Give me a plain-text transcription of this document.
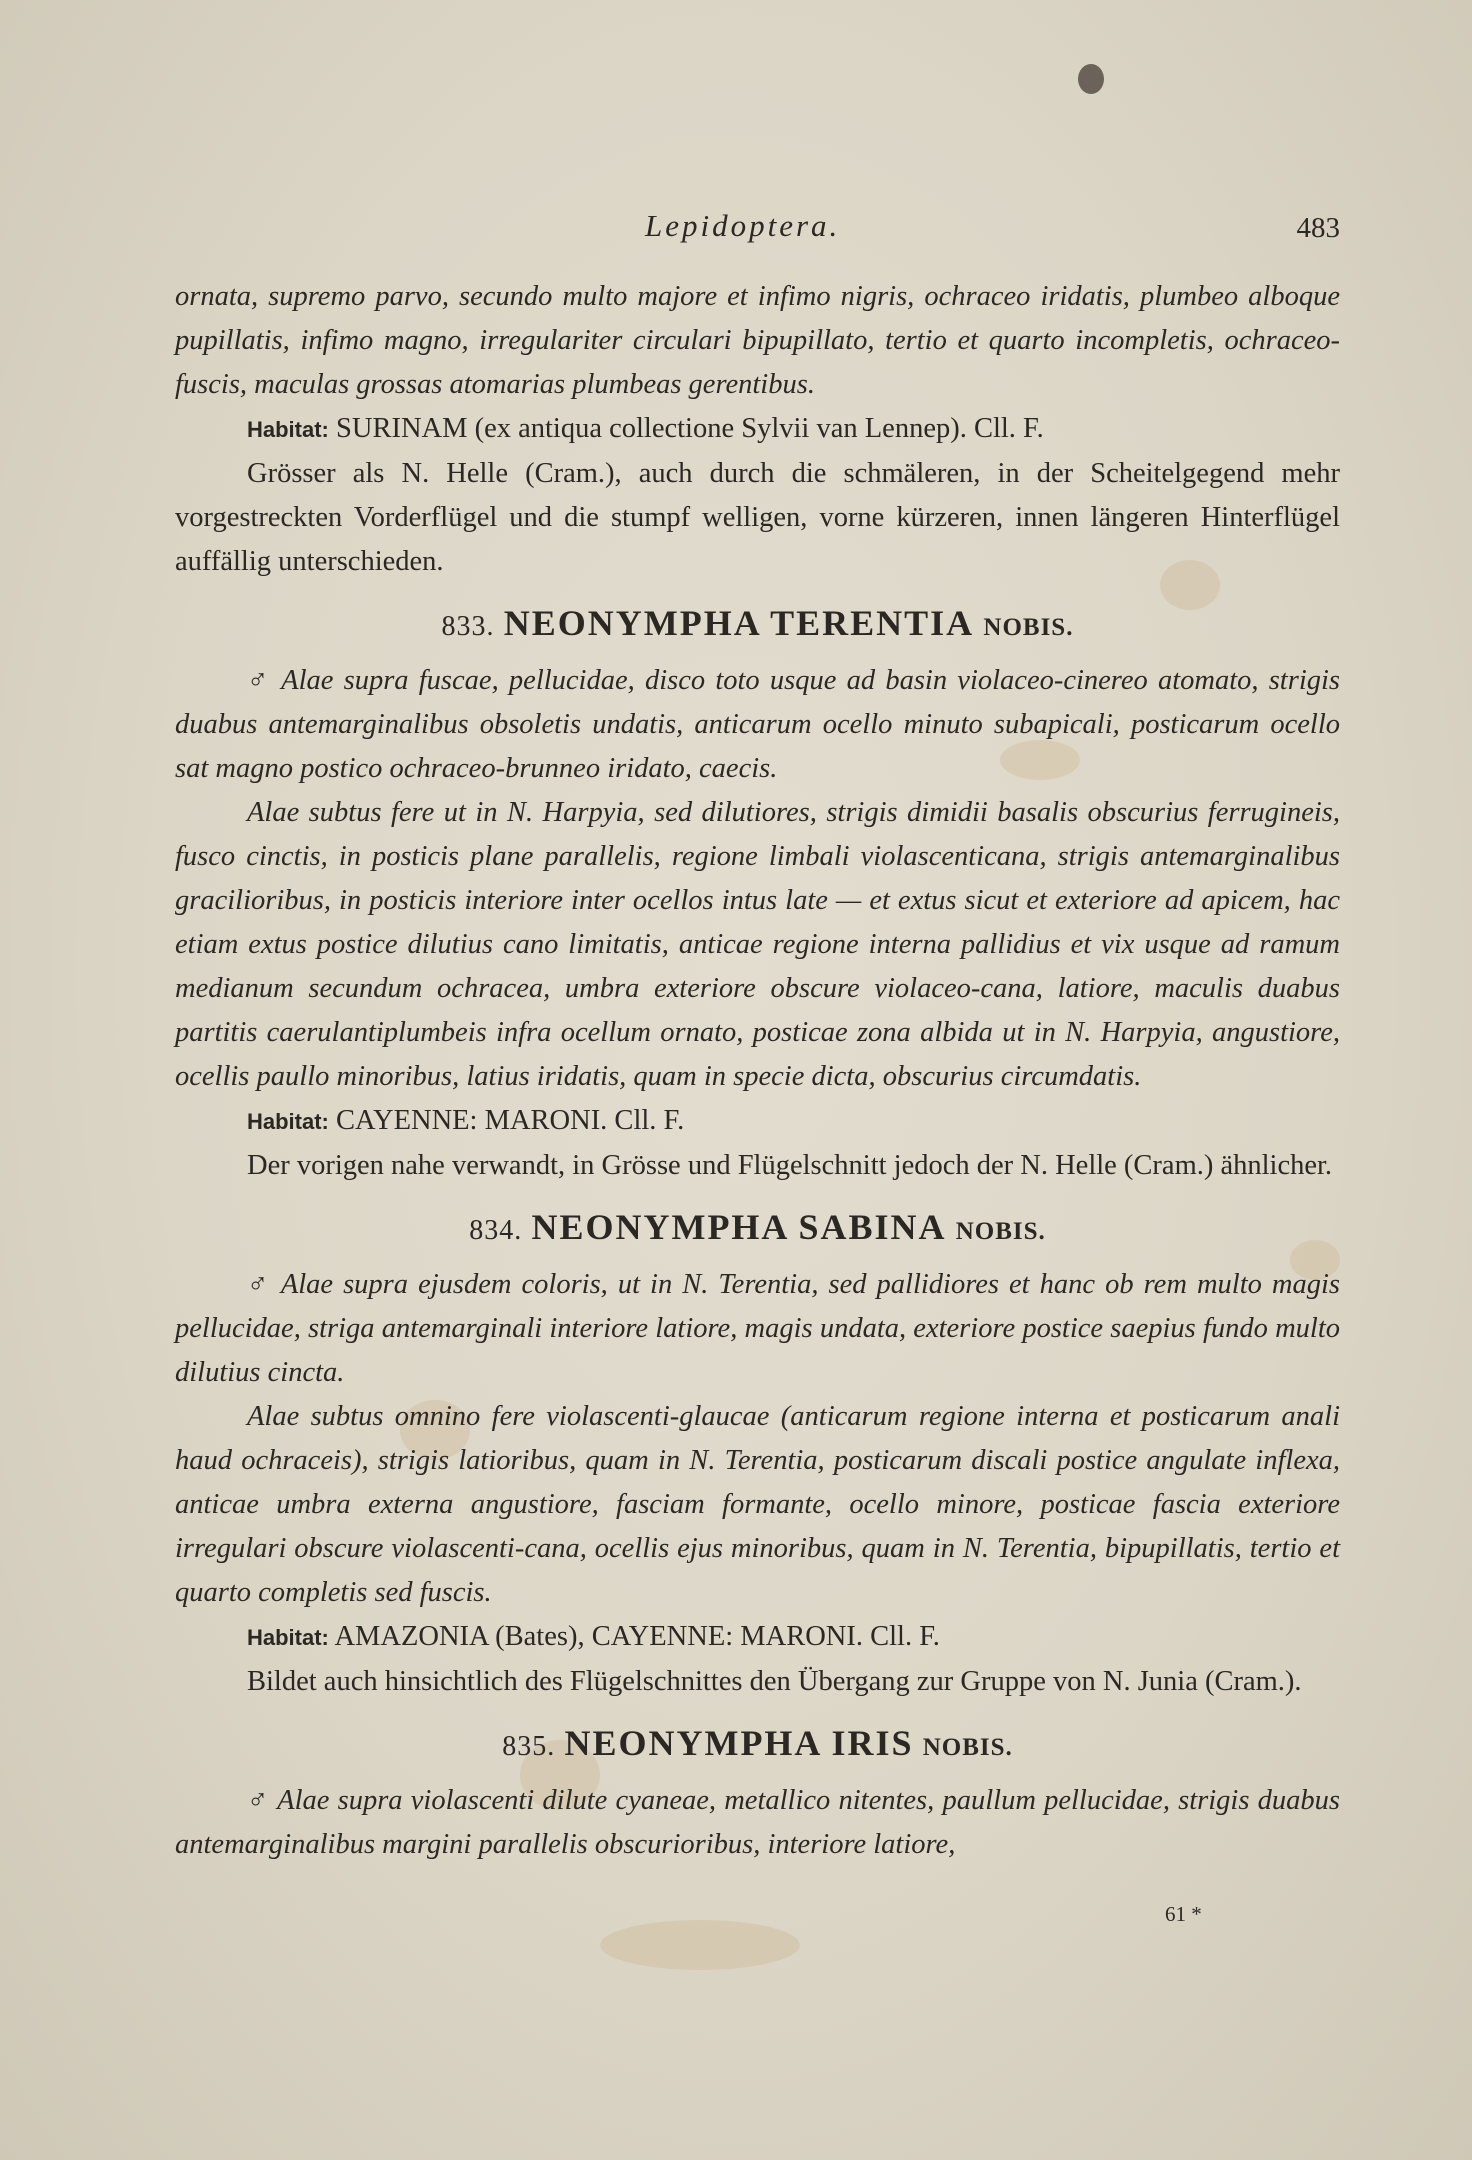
Lepidoptera.	483

ornata, supremo parvo, secundo multo majore et infimo nigris, ochraceo iridatis, plumbeo alboque pupillatis, infimo magno, irregulariter circulari bipupillato, tertio et quarto incompletis, ochraceo-fuscis, maculas grossas atomarias plumbeas gerentibus.

Habitat: SURINAM (ex antiqua collectione Sylvii van Lennep). Cll. F.

Grösser als N. Helle (Cram.), auch durch die schmäleren, in der Scheitelgegend mehr vorgestreckten Vorderflügel und die stumpf welligen, vorne kürzeren, innen längeren Hinterflügel auffällig unterschieden.

833. NEONYMPHA TERENTIA NOBIS.

♂ Alae supra fuscae, pellucidae, disco toto usque ad basin violaceo-cinereo atomato, strigis duabus antemarginalibus obsoletis undatis, anticarum ocello minuto subapicali, posticarum ocello sat magno postico ochraceo-brunneo iridato, caecis.

Alae subtus fere ut in N. Harpyia, sed dilutiores, strigis dimidii basalis obscurius ferrugineis, fusco cinctis, in posticis plane parallelis, regione limbali violascenticana, strigis antemarginalibus gracilioribus, in posticis interiore inter ocellos intus late — et extus sicut et exteriore ad apicem, hac etiam extus postice dilutius cano limitatis, anticae regione interna pallidius et vix usque ad ramum medianum secundum ochracea, umbra exteriore obscure violaceo-cana, latiore, maculis duabus partitis caerulantiplumbeis infra ocellum ornato, posticae zona albida ut in N. Harpyia, angustiore, ocellis paullo minoribus, latius iridatis, quam in specie dicta, obscurius circumdatis.

Habitat: CAYENNE: MARONI. Cll. F.

Der vorigen nahe verwandt, in Grösse und Flügelschnitt jedoch der N. Helle (Cram.) ähnlicher.

834. NEONYMPHA SABINA NOBIS.

♂ Alae supra ejusdem coloris, ut in N. Terentia, sed pallidiores et hanc ob rem multo magis pellucidae, striga antemarginali interiore latiore, magis undata, exteriore postice saepius fundo multo dilutius cincta.

Alae subtus omnino fere violascenti-glaucae (anticarum regione interna et posticarum anali haud ochraceis), strigis latioribus, quam in N. Terentia, posticarum discali postice angulate inflexa, anticae umbra externa angustiore, fasciam formante, ocello minore, posticae fascia exteriore irregulari obscure violascenti-cana, ocellis ejus minoribus, quam in N. Terentia, bipupillatis, tertio et quarto completis sed fuscis.

Habitat: AMAZONIA (Bates), CAYENNE: MARONI. Cll. F.

Bildet auch hinsichtlich des Flügelschnittes den Übergang zur Gruppe von N. Junia (Cram.).

835. NEONYMPHA IRIS NOBIS.

♂ Alae supra violascenti dilute cyaneae, metallico nitentes, paullum pellucidae, strigis duabus antemarginalibus margini parallelis obscurioribus, interiore latiore,

61 *
